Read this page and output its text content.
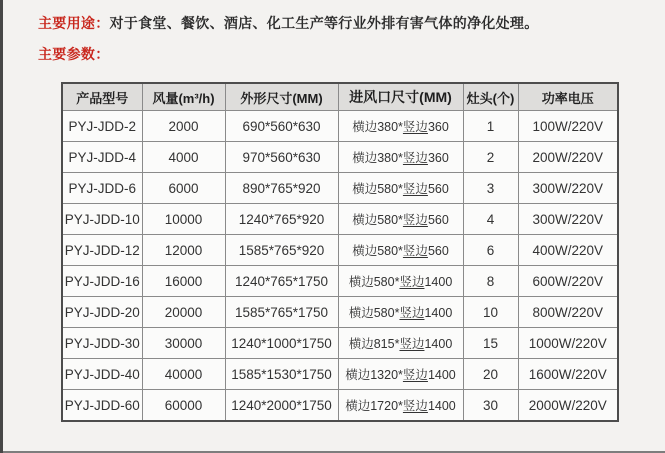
主要用途：对于食堂、餐饮、酒店、化工生产等行业外排有害气体的净化处理。
主要参数：
产品型号	风量(m³/h)	外形尺寸(MM)	进风口尺寸(MM)	灶头(个)	功率电压
PYJ-JDD-2	2000	690*560*630	横边380*竖边360	1	100W/220V
PYJ-JDD-4	4000	970*560*630	横边380*竖边360	2	200W/220V
PYJ-JDD-6	6000	890*765*920	横边580*竖边560	3	300W/220V
PYJ-JDD-10	10000	1240*765*920	横边580*竖边560	4	300W/220V
PYJ-JDD-12	12000	1585*765*920	横边580*竖边560	6	400W/220V
PYJ-JDD-16	16000	1240*765*1750	横边580*竖边1400	8	600W/220V
PYJ-JDD-20	20000	1585*765*1750	横边580*竖边1400	10	800W/220V
PYJ-JDD-30	30000	1240*1000*1750	横边815*竖边1400	15	1000W/220V
PYJ-JDD-40	40000	1585*1530*1750	横边1320*竖边1400	20	1600W/220V
PYJ-JDD-60	60000	1240*2000*1750	横边1720*竖边1400	30	2000W/220V
